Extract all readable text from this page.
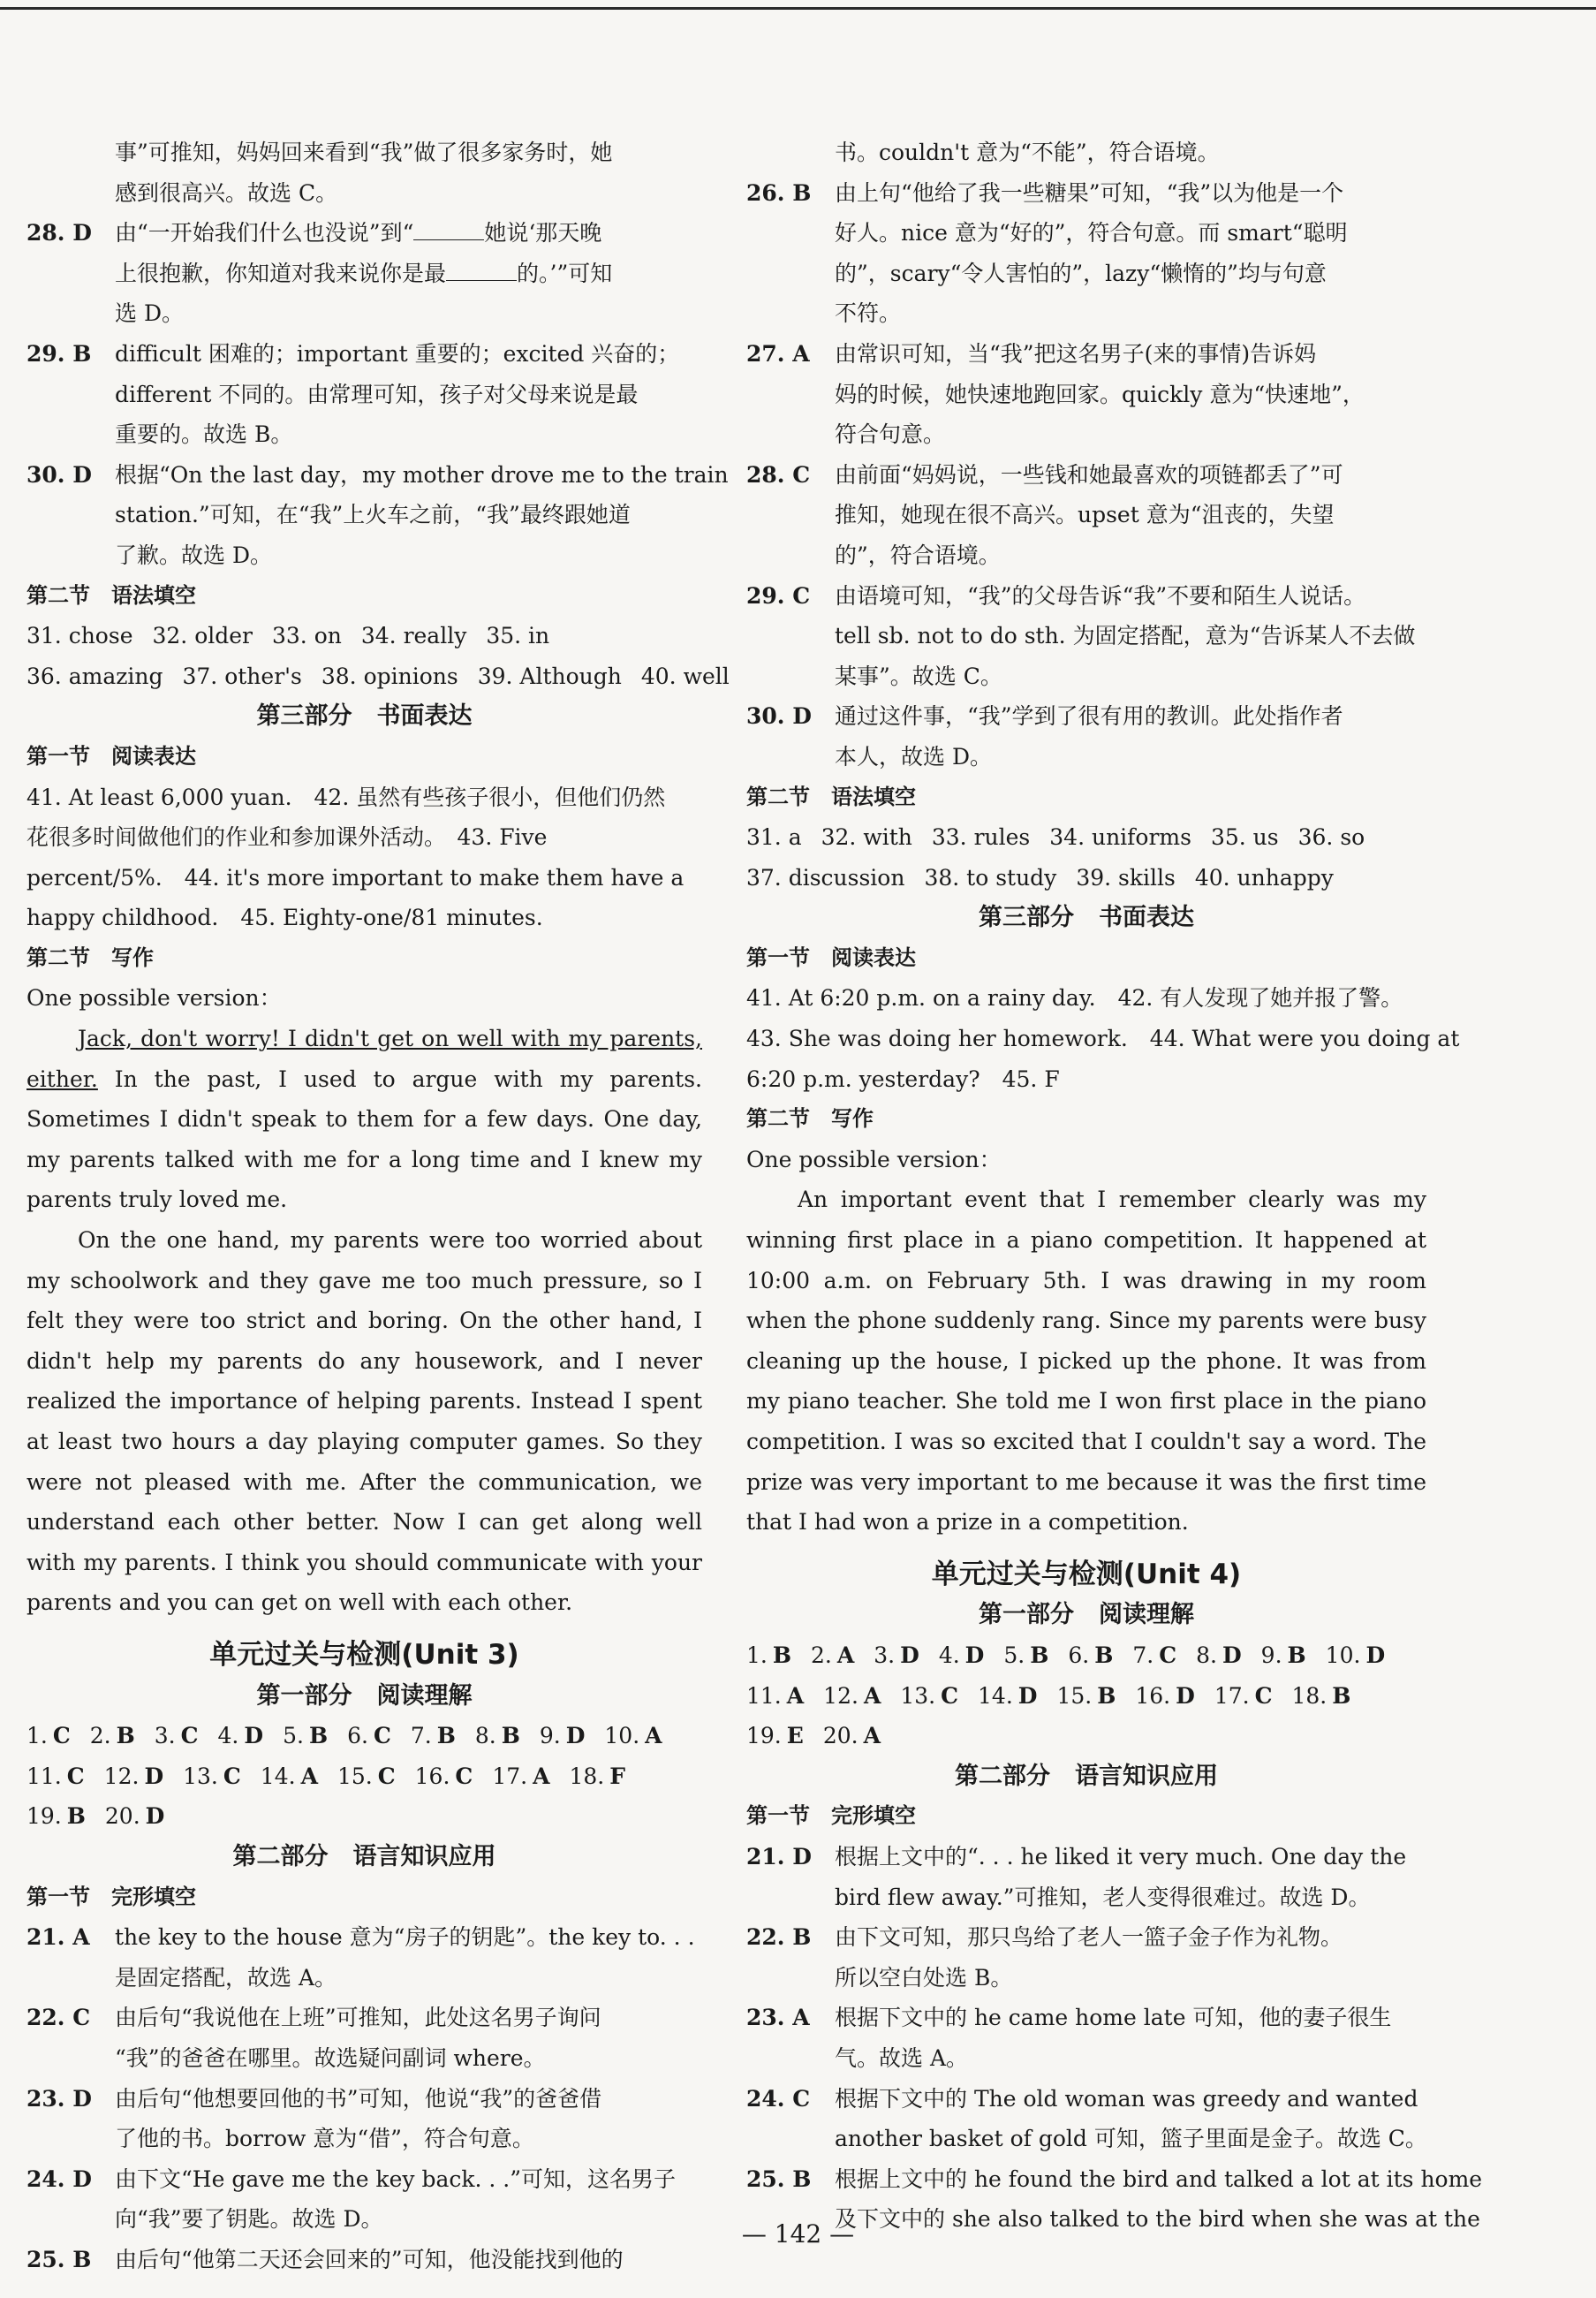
事”可推知，妈妈回来看到“我”做了很多家务时，她
感到很高兴。故选 C。
28. D 由“一开始我们什么也没说”到“	她说‘那天晚
上很抱歉，你知道对我来说你是最	的。’”可知
选 D。
29. B difficult 困难的；important 重要的；excited 兴奋的；
different 不同的。由常理可知，孩子对父母来说是最
重要的。故选 B。
30. D 根据“On the last day，my mother drove me to the train
station.”可知，在“我”上火车之前，“我”最终跟她道
了歉。故选 D。
第二节 语法填空
31. chose 32. older 33. on 34. really 35. in
36. amazing 37. other's 38. opinions 39. Although 40. well
第三部分 书面表达
第一节 阅读表达
41. At least 6,000 yuan.　42. 虽然有些孩子很小，但他们仍然
花很多时间做他们的作业和参加课外活动。　43. Five
percent/5%.　44. it's more important to make them have a
happy childhood.　45. Eighty-one/81 minutes.
第二节 写作
One possible version：
Jack, don't worry! I didn't get on well with my parents, either. In the past, I used to argue with my parents. Sometimes I didn't speak to them for a few days. One day, my parents talked with me for a long time and I knew my parents truly loved me.
On the one hand, my parents were too worried about my schoolwork and they gave me too much pressure, so I felt they were too strict and boring. On the other hand, I didn't help my parents do any housework, and I never realized the importance of helping parents. Instead I spent at least two hours a day playing computer games. So they were not pleased with me. After the communication, we understand each other better. Now I can get along well with my parents. I think you should communicate with your parents and you can get on well with each other.
单元过关与检测(Unit 3)
第一部分 阅读理解
1. C 2. B 3. C 4. D 5. B 6. C 7. B 8. B 9. D 10. A
11. C 12. D 13. C 14. A 15. C 16. C 17. A 18. F
19. B 20. D
第二部分 语言知识应用
第一节 完形填空
21. A the key to the house 意为“房子的钥匙”。the key to. . .
是固定搭配，故选 A。
22. C 由后句“我说他在上班”可推知，此处这名男子询问
“我”的爸爸在哪里。故选疑问副词 where。
23. D 由后句“他想要回他的书”可知，他说“我”的爸爸借
了他的书。borrow 意为“借”，符合句意。
24. D 由下文“He gave me the key back. . .”可知，这名男子
向“我”要了钥匙。故选 D。
25. B 由后句“他第二天还会回来的”可知，他没能找到他的
书。couldn't 意为“不能”，符合语境。
26. B 由上句“他给了我一些糖果”可知，“我”以为他是一个
好人。nice 意为“好的”，符合句意。而 smart“聪明
的”，scary“令人害怕的”，lazy“懒惰的”均与句意
不符。
27. A 由常识可知，当“我”把这名男子(来的事情)告诉妈
妈的时候，她快速地跑回家。quickly 意为“快速地”，
符合句意。
28. C 由前面“妈妈说，一些钱和她最喜欢的项链都丢了”可
推知，她现在很不高兴。upset 意为“沮丧的，失望
的”，符合语境。
29. C 由语境可知，“我”的父母告诉“我”不要和陌生人说话。
tell sb. not to do sth. 为固定搭配，意为“告诉某人不去做
某事”。故选 C。
30. D 通过这件事，“我”学到了很有用的教训。此处指作者
本人，故选 D。
第二节 语法填空
31. a 32. with 33. rules 34. uniforms 35. us 36. so
37. discussion 38. to study 39. skills 40. unhappy
第三部分 书面表达
第一节 阅读表达
41. At 6:20 p.m. on a rainy day.　42. 有人发现了她并报了警。
43. She was doing her homework.　44. What were you doing at
6:20 p.m. yesterday?　45. F
第二节 写作
One possible version：
An important event that I remember clearly was my winning first place in a piano competition. It happened at 10:00 a.m. on February 5th. I was drawing in my room when the phone suddenly rang. Since my parents were busy cleaning up the house, I picked up the phone. It was from my piano teacher. She told me I won first place in the piano competition. I was so excited that I couldn't say a word. The prize was very important to me because it was the first time that I had won a prize in a competition.
单元过关与检测(Unit 4)
第一部分 阅读理解
1. B 2. A 3. D 4. D 5. B 6. B 7. C 8. D 9. B 10. D
11. A 12. A 13. C 14. D 15. B 16. D 17. C 18. B
19. E 20. A
第二部分 语言知识应用
第一节 完形填空
21. D 根据上文中的“. . . he liked it very much. One day the
bird flew away.”可推知，老人变得很难过。故选 D。
22. B 由下文可知，那只鸟给了老人一篮子金子作为礼物。
所以空白处选 B。
23. A 根据下文中的 he came home late 可知，他的妻子很生
气。故选 A。
24. C 根据下文中的 The old woman was greedy and wanted
another basket of gold 可知，篮子里面是金子。故选 C。
25. B 根据上文中的 he found the bird and talked a lot at its home
及下文中的 she also talked to the bird when she was at the
— 142 —
